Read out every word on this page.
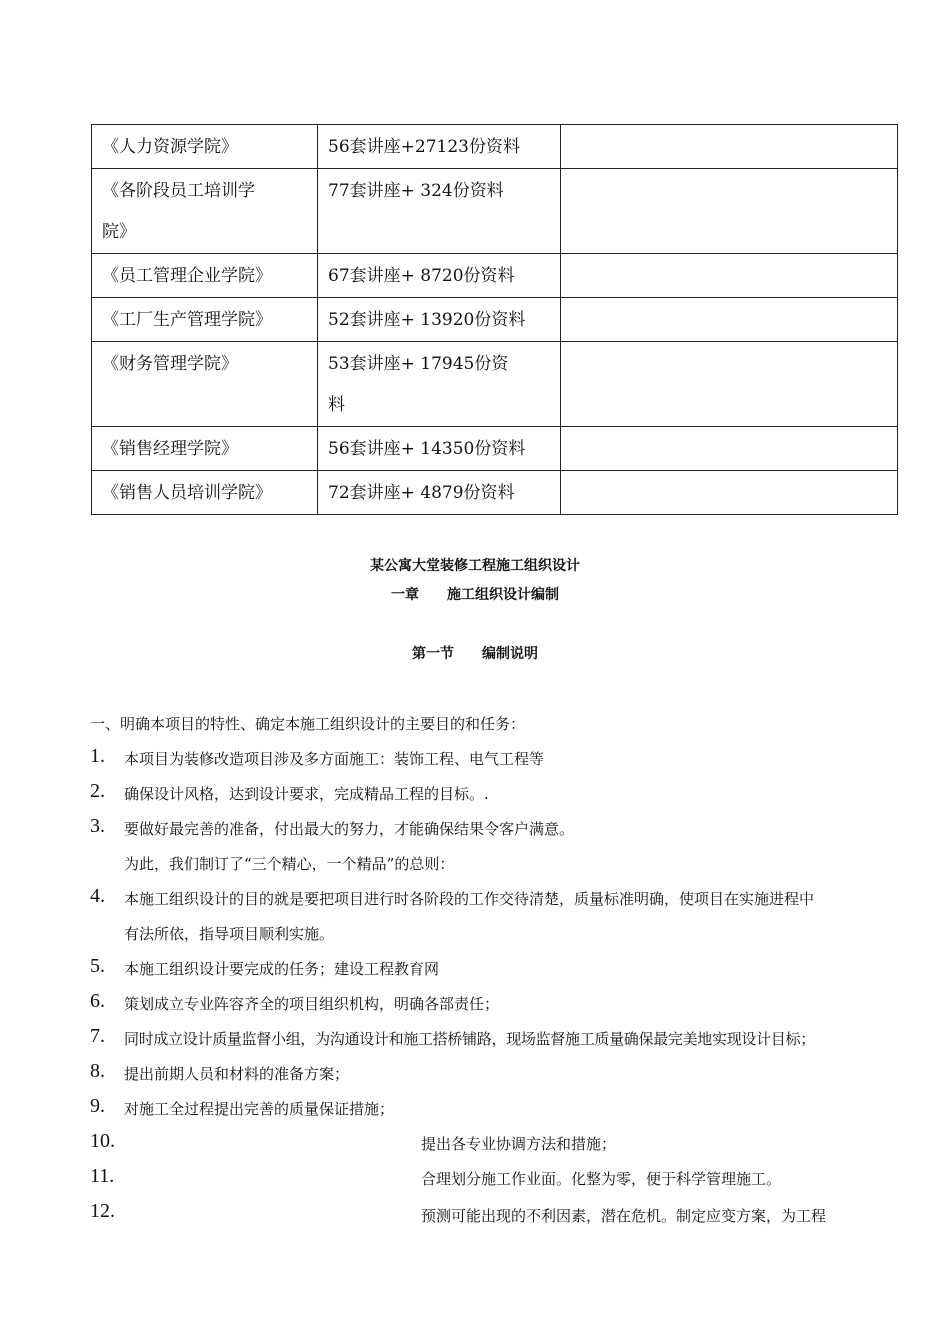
《人力资源学院》	56套讲座+27123份资料	
《各阶段员工培训学
院》	77套讲座+ 324份资料	
《员工管理企业学院》	67套讲座+ 8720份资料	
《工厂生产管理学院》	52套讲座+ 13920份资料	
《财务管理学院》	53套讲座+ 17945份资
料	
《销售经理学院》	56套讲座+ 14350份资料	
《销售人员培训学院》	72套讲座+ 4879份资料	
某公寓大堂装修工程施工组织设计
一章 施工组织设计编制
第一节 编制说明
一、明确本项目的特性、确定本施工组织设计的主要目的和任务：
1. 本项目为装修改造项目涉及多方面施工：装饰工程、电气工程等
2. 确保设计风格，达到设计要求，完成精品工程的目标。.
3. 要做好最完善的准备，付出最大的努力，才能确保结果令客户满意。
为此，我们制订了“三个精心，一个精品”的总则：
4. 本施工组织设计的目的就是要把项目进行时各阶段的工作交待清楚，质量标准明确，使项目在实施进程中
有法所依，指导项目顺利实施。
5. 本施工组织设计要完成的任务；建设工程教育网
6. 策划成立专业阵容齐全的项目组织机构，明确各部责任；
7. 同时成立设计质量监督小组，为沟通设计和施工搭桥铺路，现场监督施工质量确保最完美地实现设计目标；
8. 提出前期人员和材料的准备方案；
9. 对施工全过程提出完善的质量保证措施；
10.	提出各专业协调方法和措施；
11.	合理划分施工作业面。化整为零，便于科学管理施工。
12.	预测可能出现的不利因素，潜在危机。制定应变方案，为工程
